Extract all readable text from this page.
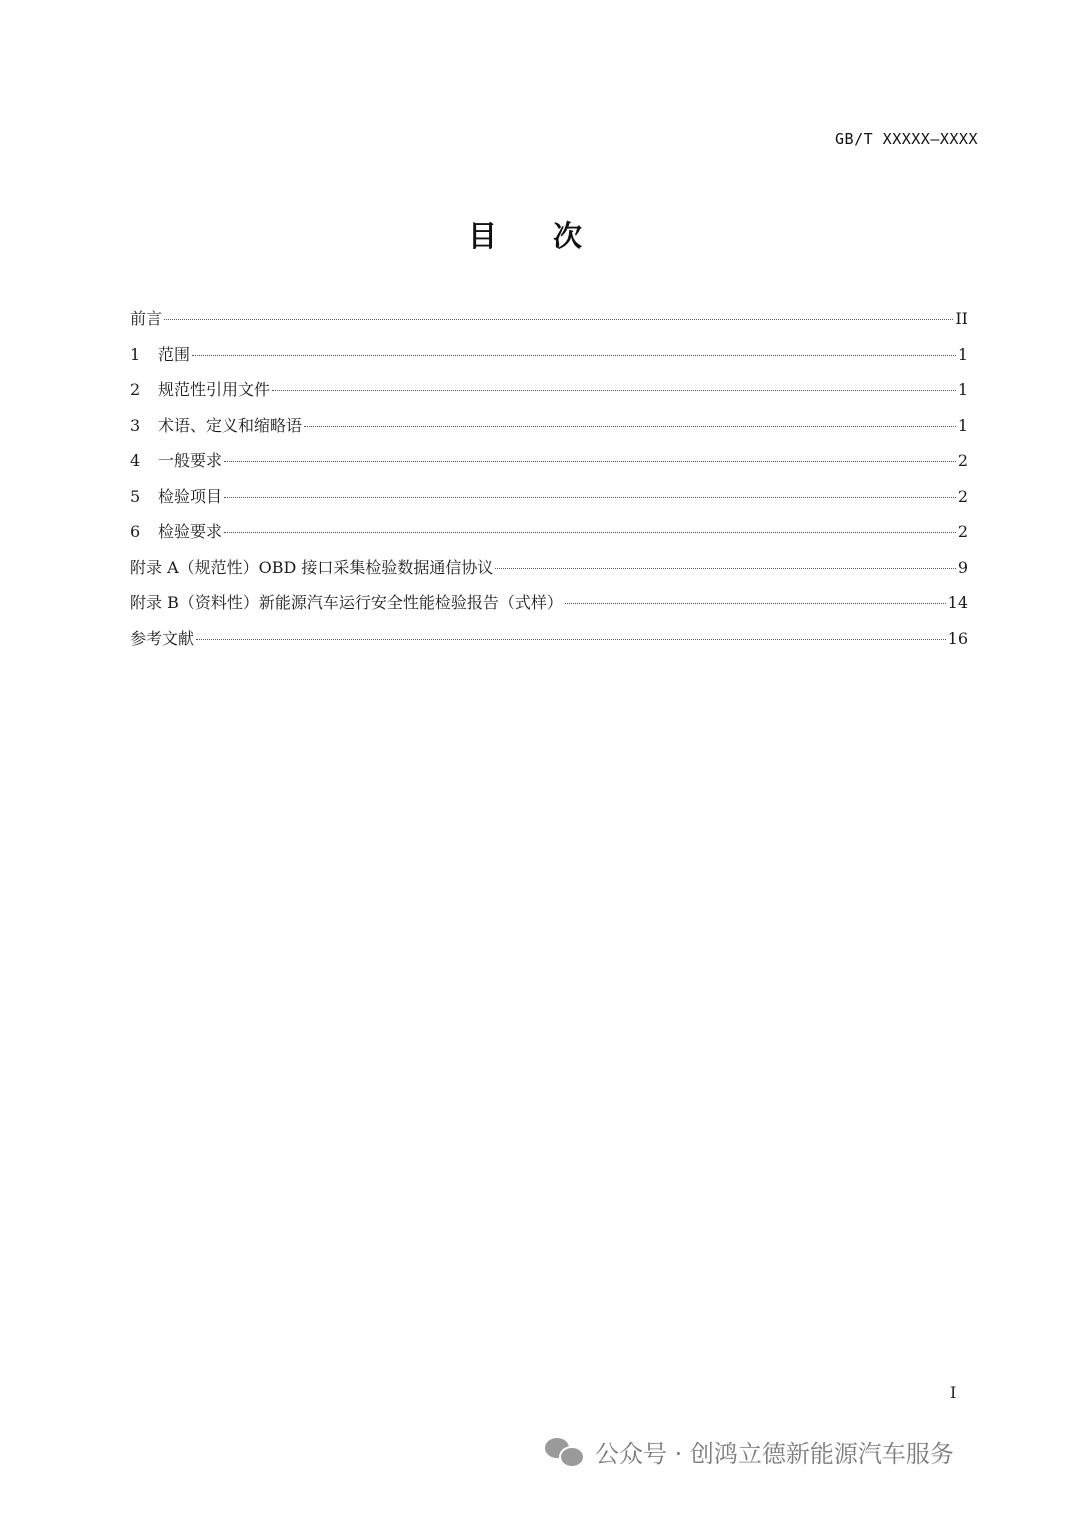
GB/T XXXXX—XXXX
目次
前言	II
1	范围	1
2	规范性引用文件	1
3	术语、定义和缩略语	1
4	一般要求	2
5	检验项目	2
6	检验要求	2
附录 A（规范性）OBD 接口采集检验数据通信协议	9
附录 B（资料性）新能源汽车运行安全性能检验报告（式样）	14
参考文献	16
I
公众号 · 创鸿立德新能源汽车服务
